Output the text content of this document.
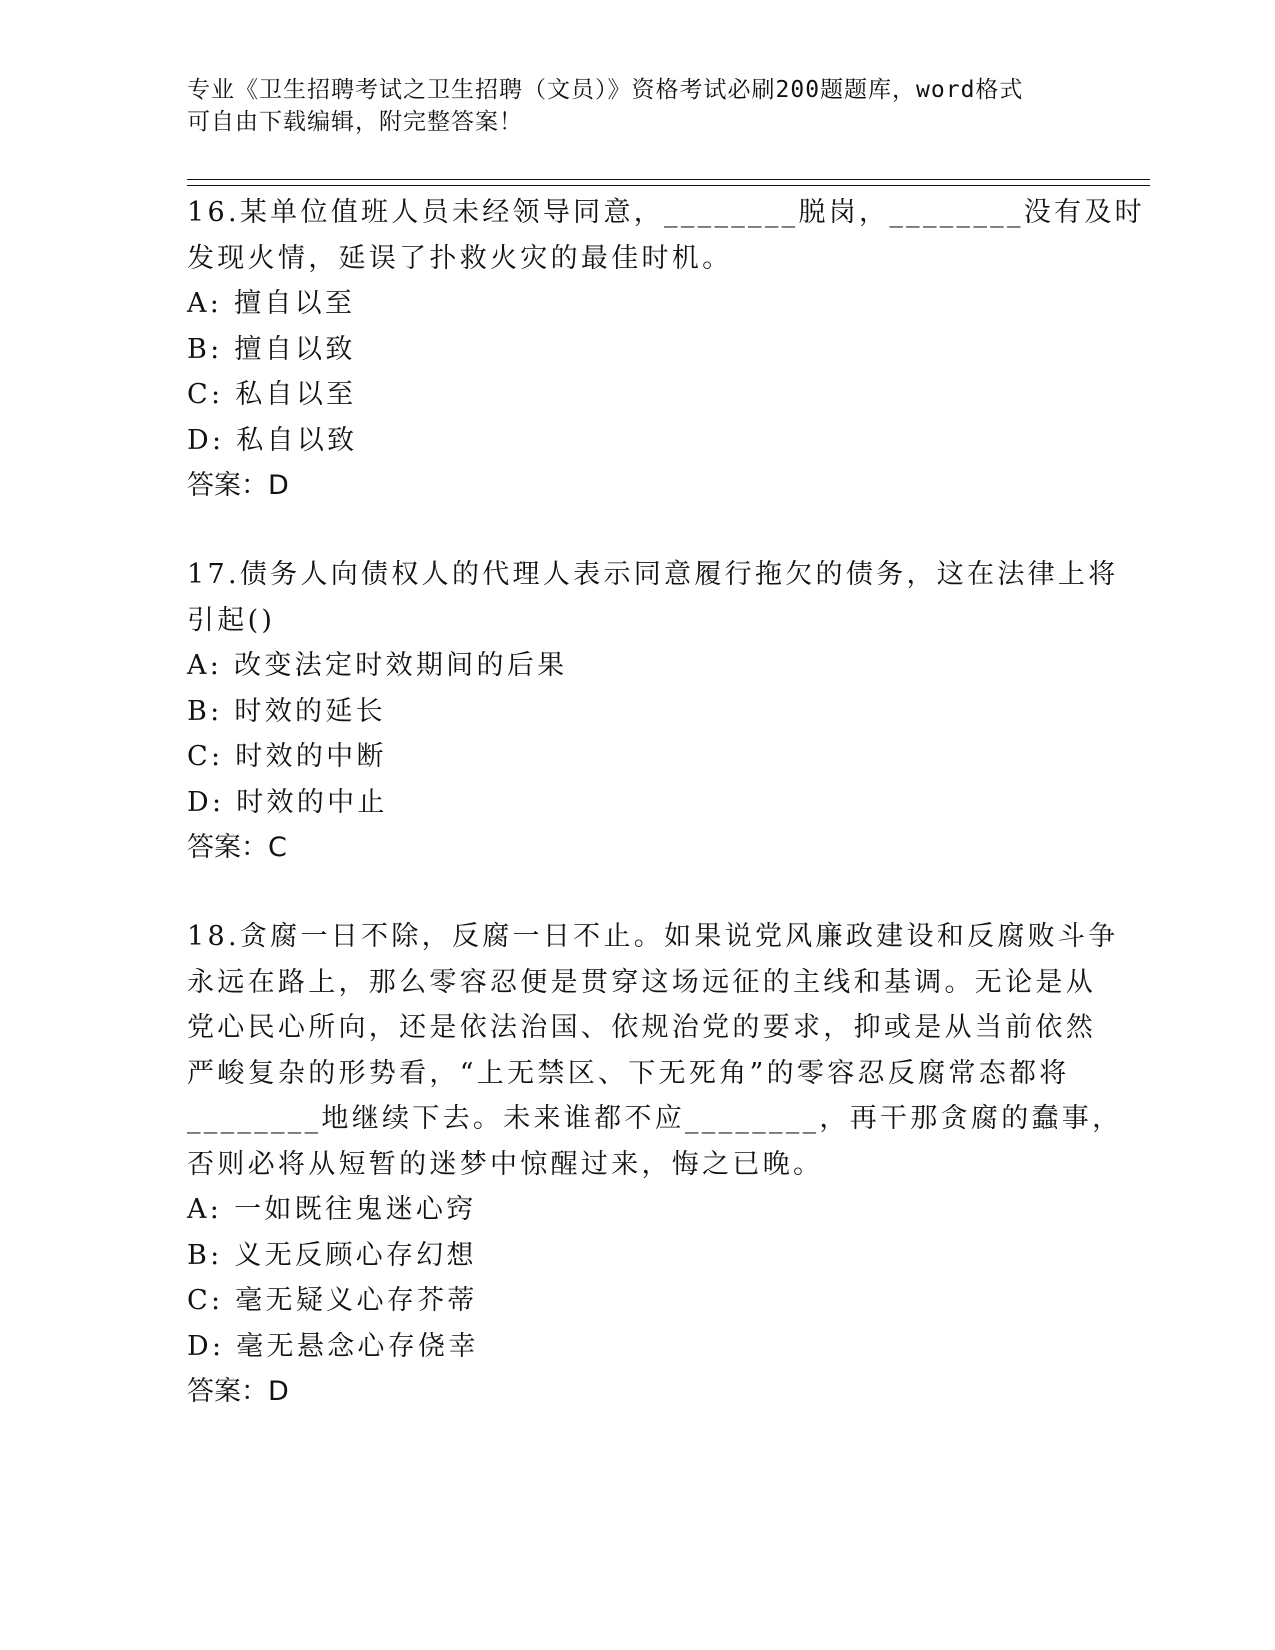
专业《卫生招聘考试之卫生招聘（文员）》资格考试必刷200题题库，word格式
可自由下载编辑，附完整答案！
16.某单位值班人员未经领导同意，________脱岗，________没有及时
发现火情，延误了扑救火灾的最佳时机。
A: 擅自以至
B: 擅自以致
C: 私自以至
D: 私自以致
答案：D
17.债务人向债权人的代理人表示同意履行拖欠的债务，这在法律上将
引起()
A: 改变法定时效期间的后果
B: 时效的延长
C: 时效的中断
D: 时效的中止
答案：C
18.贪腐一日不除，反腐一日不止。如果说党风廉政建设和反腐败斗争
永远在路上，那么零容忍便是贯穿这场远征的主线和基调。无论是从
党心民心所向，还是依法治国、依规治党的要求，抑或是从当前依然
严峻复杂的形势看，“上无禁区、下无死角”的零容忍反腐常态都将
________地继续下去。未来谁都不应________，再干那贪腐的蠢事，
否则必将从短暂的迷梦中惊醒过来，悔之已晚。
A: 一如既往鬼迷心窍
B: 义无反顾心存幻想
C: 毫无疑义心存芥蒂
D: 毫无悬念心存侥幸
答案：D
